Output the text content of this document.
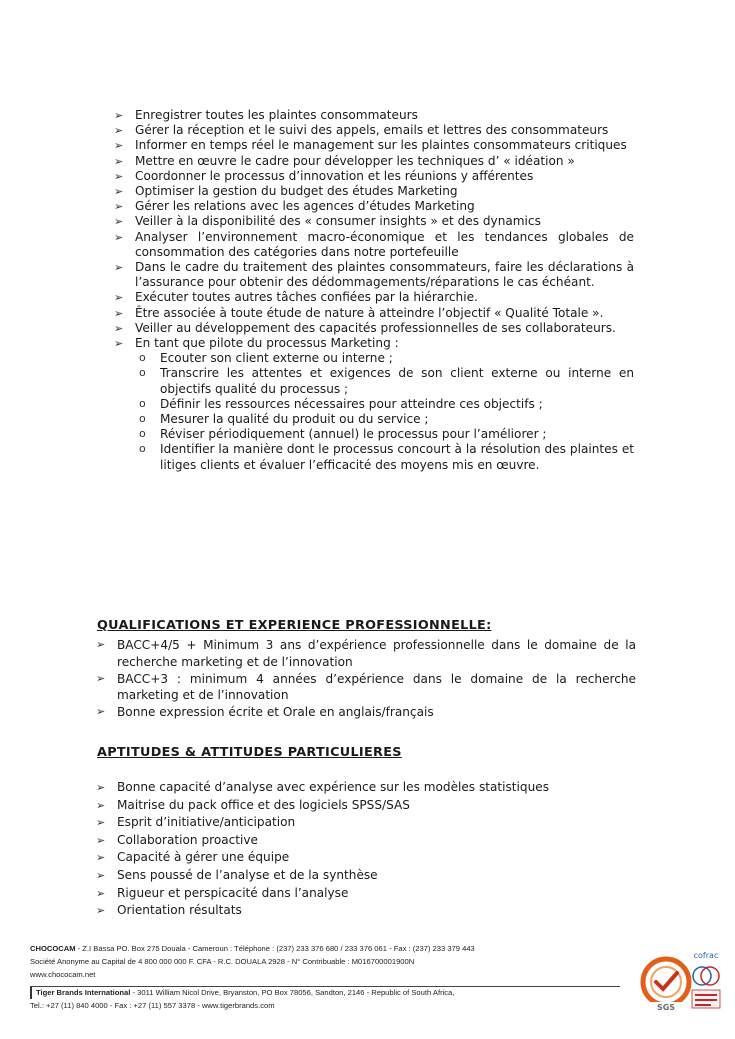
➢ Enregistrer toutes les plaintes consommateurs
➢ Gérer la réception et le suivi des appels, emails et lettres des consommateurs
➢ Informer en temps réel le management sur les plaintes consommateurs critiques
➢ Mettre en œuvre le cadre pour développer les techniques d’ « idéation »
➢ Coordonner le processus d’innovation et les réunions y afférentes
➢ Optimiser la gestion du budget des études Marketing
➢ Gérer les relations avec les agences d’études Marketing
➢ Veiller à la disponibilité des « consumer insights » et des dynamics
➢ Analyser l’environnement macro-économique et les tendances globales de consommation des catégories dans notre portefeuille
➢ Dans le cadre du traitement des plaintes consommateurs, faire les déclarations à l’assurance pour obtenir des dédommagements/réparations le cas échéant.
➢ Exécuter toutes autres tâches confiées par la hiérarchie.
➢ Être associée à toute étude de nature à atteindre l’objectif « Qualité Totale ».
➢ Veiller au développement des capacités professionnelles de ses collaborateurs.
➢ En tant que pilote du processus Marketing :
o Ecouter son client externe ou interne ;
o Transcrire les attentes et exigences de son client externe ou interne en objectifs qualité du processus ;
o Définir les ressources nécessaires pour atteindre ces objectifs ;
o Mesurer la qualité du produit ou du service ;
o Réviser périodiquement (annuel) le processus pour l’améliorer ;
o Identifier la manière dont le processus concourt à la résolution des plaintes et litiges clients et évaluer l’efficacité des moyens mis en œuvre.
QUALIFICATIONS ET EXPERIENCE PROFESSIONNELLE:
➢ BACC+4/5 + Minimum 3 ans d’expérience professionnelle dans le domaine de la recherche marketing et de l’innovation
➢ BACC+3 : minimum 4 années d’expérience dans le domaine de la recherche marketing et de l’innovation
➢ Bonne expression écrite et Orale en anglais/français
APTITUDES & ATTITUDES PARTICULIERES
➢ Bonne capacité d’analyse avec expérience sur les modèles statistiques
➢ Maitrise du pack office et des logiciels SPSS/SAS
➢ Esprit d’initiative/anticipation
➢ Collaboration proactive
➢ Capacité à gérer une équipe
➢ Sens poussé de l’analyse et de la synthèse
➢ Rigueur et perspicacité dans l’analyse
➢ Orientation résultats
CHOCOCAM - Z.I Bassa PO. Box 275 Douala - Cameroun : Téléphone : (237) 233 376 680 / 233 376 061 - Fax : (237) 233 379 443
Société Anonyme au Capital de 4 800 000 000 F. CFA - R.C. DOUALA 2928 - N° Contribuable : M016700001900N
www.chococam.net
Tiger Brands International - 3011 William Nicol Drive, Bryanston, PO Box 78056, Sandton, 2146 - Republic of South Africa,
Tel.: +27 (11) 840 4000 - Fax : +27 (11) 557 3378 - www.tigerbrands.com	SGS
cofrac
